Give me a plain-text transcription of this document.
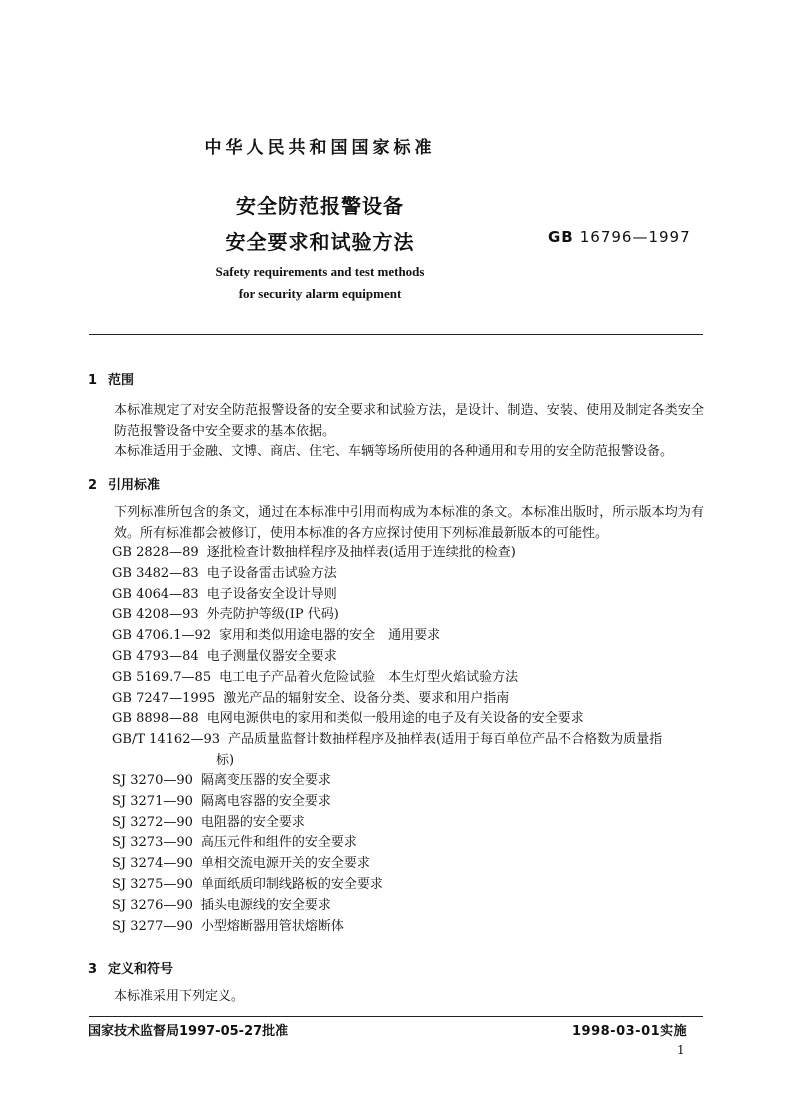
中华人民共和国国家标准
安全防范报警设备
安全要求和试验方法	GB 16796—1997
Safety requirements and test methods
for security alarm equipment
1 范围
本标准规定了对安全防范报警设备的安全要求和试验方法，是设计、制造、安装、使用及制定各类安全防范报警设备中安全要求的基本依据。
本标准适用于金融、文博、商店、住宅、车辆等场所使用的各种通用和专用的安全防范报警设备。
2 引用标准
下列标准所包含的条文，通过在本标准中引用而构成为本标准的条文。本标准出版时，所示版本均为有效。所有标准都会被修订，使用本标准的各方应探讨使用下列标准最新版本的可能性。
GB 2828—89 逐批检查计数抽样程序及抽样表(适用于连续批的检查)
GB 3482—83 电子设备雷击试验方法
GB 4064—83 电子设备安全设计导则
GB 4208—93 外壳防护等级(IP 代码)
GB 4706.1—92 家用和类似用途电器的安全　通用要求
GB 4793—84 电子测量仪器安全要求
GB 5169.7—85 电工电子产品着火危险试验　本生灯型火焰试验方法
GB 7247—1995 激光产品的辐射安全、设备分类、要求和用户指南
GB 8898—88 电网电源供电的家用和类似一般用途的电子及有关设备的安全要求
GB/T 14162—93 产品质量监督计数抽样程序及抽样表(适用于每百单位产品不合格数为质量指
标)
SJ 3270—90 隔离变压器的安全要求
SJ 3271—90 隔离电容器的安全要求
SJ 3272—90 电阻器的安全要求
SJ 3273—90 高压元件和组件的安全要求
SJ 3274—90 单相交流电源开关的安全要求
SJ 3275—90 单面纸质印制线路板的安全要求
SJ 3276—90 插头电源线的安全要求
SJ 3277—90 小型熔断器用管状熔断体
3 定义和符号
本标准采用下列定义。
国家技术监督局1997-05-27批准	1998-03-01实施
1
